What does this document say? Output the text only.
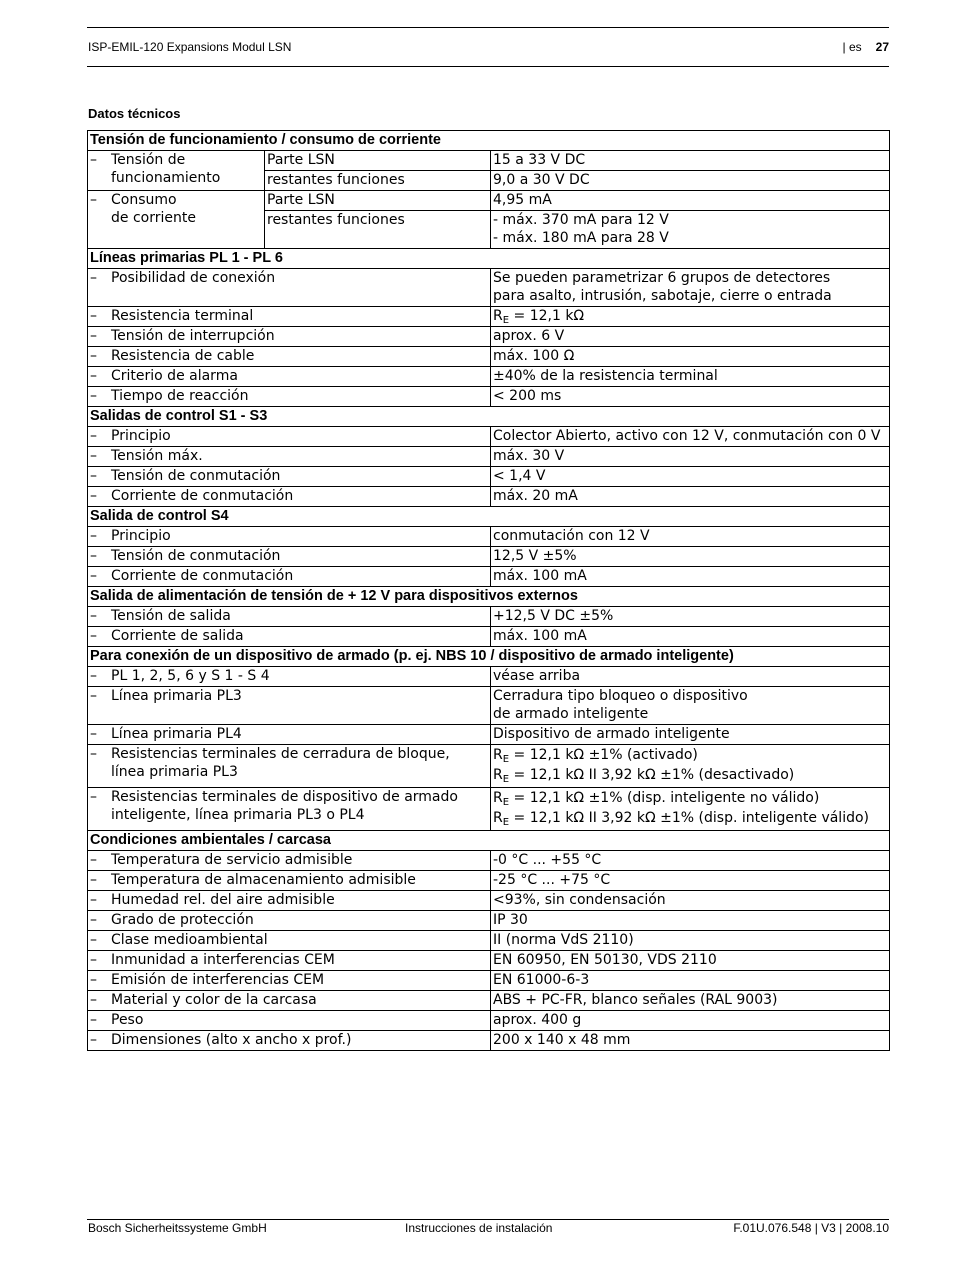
ISP-EMIL-120 Expansions Modul LSN	| es 27
Datos técnicos
Tensión de funcionamiento / consumo de corriente		

– Tensión de
funcionamiento	Parte LSN	15 a 33 V DC
	restantes funciones	9,0 a 30 V DC

– Consumo
de corriente	Parte LSN	4,95 mA
	restantes funciones	- máx. 370 mA para 12 V
- máx. 180 mA para 28 V

Líneas primarias PL 1 - PL 6		
– Posibilidad de conexión		Se pueden parametrizar 6 grupos de detectores
para asalto, intrusión, sabotaje, cierre o entrada

– Resistencia terminal		$R_E = 12,1$ kΩ
– Tensión de interrupción		aprox. 6 V
– Resistencia de cable		máx. 100 Ω
– Criterio de alarma		±40% de la resistencia terminal
– Tiempo de reacción		< 200 ms
Salidas de control S1 - S3		
– Principio		Colector Abierto, activo con 12 V, conmutación con 0 V
– Tensión máx.		máx. 30 V
– Tensión de conmutación		< 1,4 V
– Corriente de conmutación		máx. 20 mA
Salida de control S4		
– Principio		conmutación con 12 V
– Tensión de conmutación		12,5 V ±5%
– Corriente de conmutación		máx. 100 mA
Salida de alimentación de tensión de + 12 V para dispositivos externos		
– Tensión de salida		+12,5 V DC ±5%
– Corriente de salida		máx. 100 mA
Para conexión de un dispositivo de armado (p. ej. NBS 10 / dispositivo de armado inteligente)		
– PL 1, 2, 5, 6 y S 1 - S 4		véase arriba
– Línea primaria PL3		Cerradura tipo bloqueo o dispositivo
de armado inteligente

– Línea primaria PL4		Dispositivo de armado inteligente

– Resistencias terminales de cerradura de bloque,
línea primaria PL3		$R_E = 12,1$ kΩ ±1% (activado)
$R_E = 12,1$ kΩ II 3,92 kΩ ±1% (desactivado)

– Resistencias terminales de dispositivo de armado
inteligente, línea primaria PL3 o PL4		$R_E = 12,1$ kΩ ±1% (disp. inteligente no válido)
$R_E = 12,1$ kΩ II 3,92 kΩ ±1% (disp. inteligente válido)

Condiciones ambientales / carcasa		
– Temperatura de servicio admisible		-0 °C ... +55 °C
– Temperatura de almacenamiento admisible		-25 °C ... +75 °C
– Humedad rel. del aire admisible		<93%, sin condensación
– Grado de protección		IP 30
– Clase medioambiental		II (norma VdS 2110)
– Inmunidad a interferencias CEM		EN 60950, EN 50130, VDS 2110
– Emisión de interferencias CEM		EN 61000-6-3
– Material y color de la carcasa		ABS + PC-FR, blanco señales (RAL 9003)
– Peso		aprox. 400 g
– Dimensiones (alto x ancho x prof.)		200 x 140 x 48 mm
Bosch Sicherheitssysteme GmbH	Instrucciones de instalación	F.01U.076.548 | V3 | 2008.10
